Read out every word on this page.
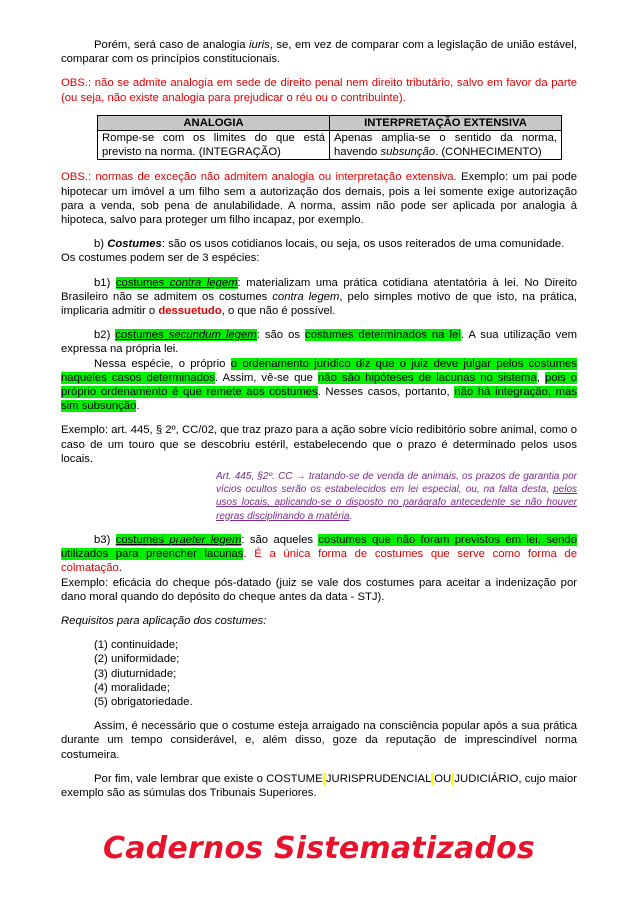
Porém, será caso de analogia iuris, se, em vez de comparar com a legislação de união estável, comparar com os princípios constitucionais.

OBS.: não se admite analogia em sede de direito penal nem direito tributário, salvo em favor da parte (ou seja, não existe analogia para prejudicar o réu ou o contribuinte).

ANALOGIA	INTERPRETAÇÃO EXTENSIVA
Rompe-se com os limites do que está previsto na norma. (INTEGRAÇÃO)	Apenas amplia-se o sentido da norma, havendo subsunção. (CONHECIMENTO)

OBS.: normas de exceção não admitem analogia ou interpretação extensiva. Exemplo: um pai pode hipotecar um imóvel a um filho sem a autorização dos demais, pois a lei somente exige autorização para a venda, sob pena de anulabilidade. A norma, assim não pode ser aplicada por analogia à hipoteca, salvo para proteger um filho incapaz, por exemplo.

b) Costumes: são os usos cotidianos locais, ou seja, os usos reiterados de uma comunidade.

Os costumes podem ser de 3 espécies:

b1) costumes contra legem: materializam uma prática cotidiana atentatória à lei. No Direito Brasileiro não se admitem os costumes contra legem, pelo simples motivo de que isto, na prática, implicaria admitir o dessuetudo, o que não é possível.

b2) costumes secundum legem: são os costumes determinados na lei. A sua utilização vem expressa na própria lei.

Nessa espécie, o próprio o ordenamento jurídico diz que o juiz deve julgar pelos costumes naqueles casos determinados. Assim, vê-se que não são hipóteses de lacunas no sistema, pois o próprio ordenamento é que remete aos costumes. Nesses casos, portanto, não há integração, mas sim subsunção.

Exemplo: art. 445, § 2º, CC/02, que traz prazo para a ação sobre vício redibitório sobre animal, como o caso de um touro que se descobriu estéril, estabelecendo que o prazo é determinado pelos usos locais.

Art. 445, §2º. CC → tratando-se de venda de animais, os prazos de garantia por vícios ocultos serão os estabelecidos em lei especial, ou, na falta desta, pelos usos locais, aplicando-se o disposto no parágrafo antecedente se não houver regras disciplinando a matéria.

b3) costumes praeter legem: são aqueles costumes que não foram previstos em lei, sendo utilizados para preencher lacunas. É a única forma de costumes que serve como forma de colmatação.

Exemplo: eficácia do cheque pós-datado (juiz se vale dos costumes para aceitar a indenização por dano moral quando do depósito do cheque antes da data - STJ).

Requisitos para aplicação dos costumes:

(1) continuidade;
(2) uniformidade;
(3) diuturnidade;
(4) moralidade;
(5) obrigatoriedade.

Assim, é necessário que o costume esteja arraigado na consciência popular após a sua prática durante um tempo considerável, e, além disso, goze da reputação de imprescindível norma costumeira.

Por fim, vale lembrar que existe o COSTUME JURISPRUDENCIAL OU JUDICIÁRIO, cujo maior exemplo são as súmulas dos Tribunais Superiores.

Cadernos Sistematizados
